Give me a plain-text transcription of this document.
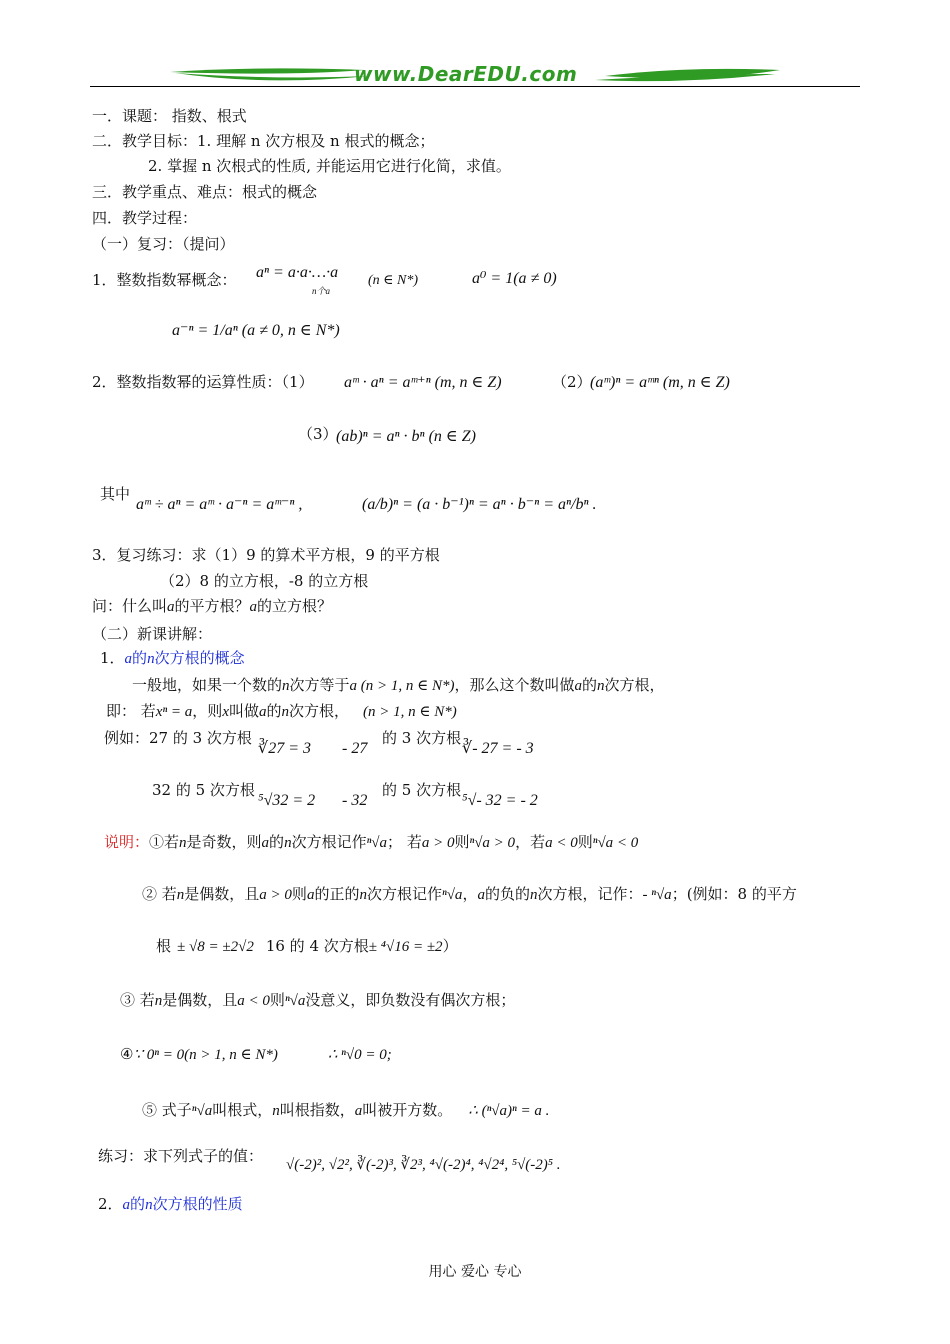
www.DearEDU.com
一．课题： 指数、根式
二．教学目标：1. 理解 n 次方根及 n 根式的概念；
2. 掌握 n 次根式的性质, 并能运用它进行化简，求值。
三．教学重点、难点：根式的概念
四．教学过程：
（一）复习：（提问）
1．整数指数幂概念： aⁿ = a·a·…·a
n个a
(n ∈ N*)	a⁰ = 1(a ≠ 0)
a⁻ⁿ = 1/aⁿ (a ≠ 0, n ∈ N*)
2．整数指数幂的运算性质：（1） aᵐ · aⁿ = aᵐ⁺ⁿ (m, n ∈ Z)	（2）
(aᵐ)ⁿ = aᵐⁿ (m, n ∈ Z)
（3）
(ab)ⁿ = aⁿ · bⁿ (n ∈ Z)
其中
aᵐ ÷ aⁿ = aᵐ · a⁻ⁿ = aᵐ⁻ⁿ ,	(a/b)ⁿ = (a · b⁻¹)ⁿ = aⁿ · b⁻ⁿ = aⁿ/bⁿ .
3．复习练习：求（1）9 的算术平方根，9 的平方根
（2）8 的立方根，-8 的立方根
问：什么叫a的平方根？a的立方根？
（二）新课讲解：
1．a的n次方根的概念
一般地，如果一个数的n次方等于a (n > 1, n ∈ N*)，那么这个数叫做a的n次方根，
即： 若xⁿ = a，则x叫做a的n次方根， (n > 1, n ∈ N*)
例如：27 的 3 次方根
∛27 = 3 - 27
的 3 次方根
∛- 27 = - 3
32 的 5 次方根
⁵√32 = 2 - 32
的 5 次方根
⁵√- 32 = - 2
说明：①若n是奇数，则a的n次方根记作ⁿ√a； 若a > 0则ⁿ√a > 0，若a < 0则ⁿ√a < 0
② 若n是偶数，且a > 0则a的正的n次方根记作ⁿ√a，a的负的n次方根，记作：- ⁿ√a；(例如：8 的平方
根 ± √8 = ±2√2 16 的 4 次方根± ⁴√16 = ±2）
③ 若n是偶数，且a < 0则ⁿ√a没意义，即负数没有偶次方根；
④∵ 0ⁿ = 0(n > 1, n ∈ N*)	∴ ⁿ√0 = 0;
⑤ 式子ⁿ√a叫根式，n叫根指数，a叫被开方数。 ∴ (ⁿ√a)ⁿ = a .
练习：求下列式子的值： √(-2)², √2², ∛(-2)³, ∛2³, ⁴√(-2)⁴, ⁴√2⁴, ⁵√(-2)⁵ .
2．a的n次方根的性质
用心 爱心 专心
